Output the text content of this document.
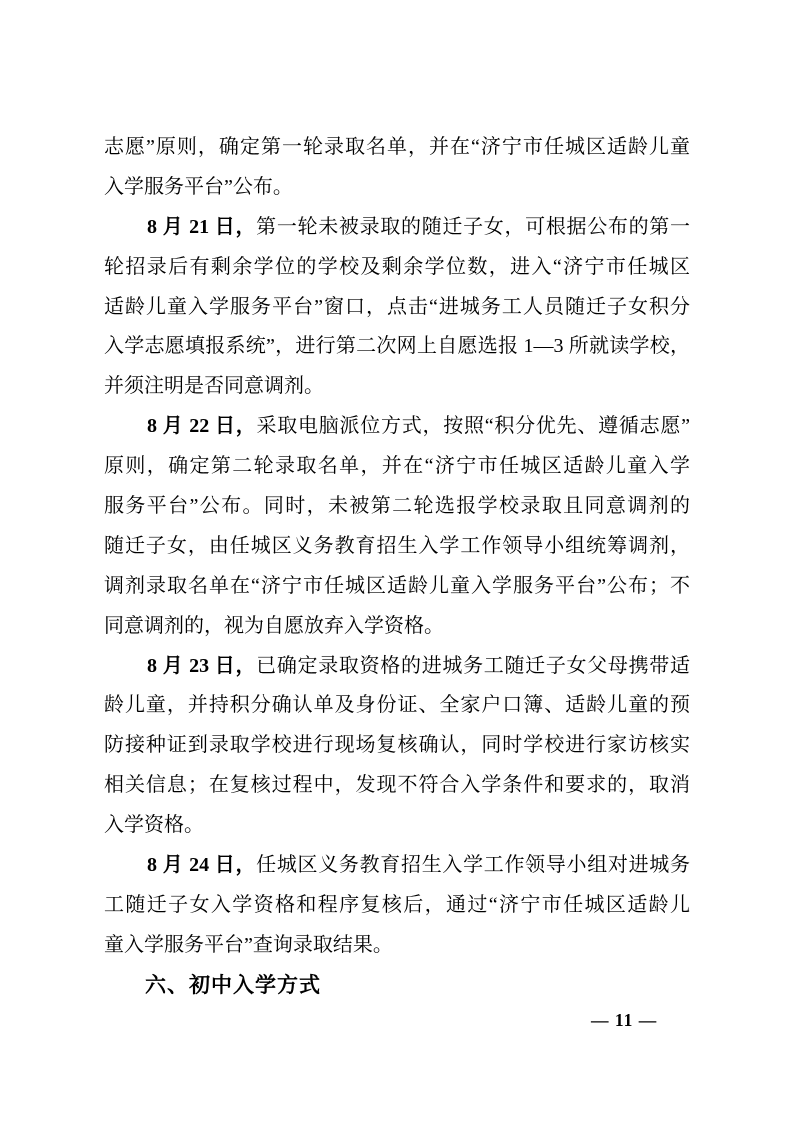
志愿”原则，确定第一轮录取名单，并在“济宁市任城区适龄儿童
入学服务平台”公布。
8 月 21 日，第一轮未被录取的随迁子女，可根据公布的第一
轮招录后有剩余学位的学校及剩余学位数，进入“济宁市任城区
适龄儿童入学服务平台”窗口，点击“进城务工人员随迁子女积分
入学志愿填报系统”，进行第二次网上自愿选报 1—3 所就读学校，
并须注明是否同意调剂。
8 月 22 日，采取电脑派位方式，按照“积分优先、遵循志愿”
原则，确定第二轮录取名单，并在“济宁市任城区适龄儿童入学
服务平台”公布。同时，未被第二轮选报学校录取且同意调剂的
随迁子女，由任城区义务教育招生入学工作领导小组统筹调剂，
调剂录取名单在“济宁市任城区适龄儿童入学服务平台”公布；不
同意调剂的，视为自愿放弃入学资格。
8 月 23 日，已确定录取资格的进城务工随迁子女父母携带适
龄儿童，并持积分确认单及身份证、全家户口簿、适龄儿童的预
防接种证到录取学校进行现场复核确认，同时学校进行家访核实
相关信息；在复核过程中，发现不符合入学条件和要求的，取消
入学资格。
8 月 24 日，任城区义务教育招生入学工作领导小组对进城务
工随迁子女入学资格和程序复核后，通过“济宁市任城区适龄儿
童入学服务平台”查询录取结果。
六、初中入学方式
— 11 —
